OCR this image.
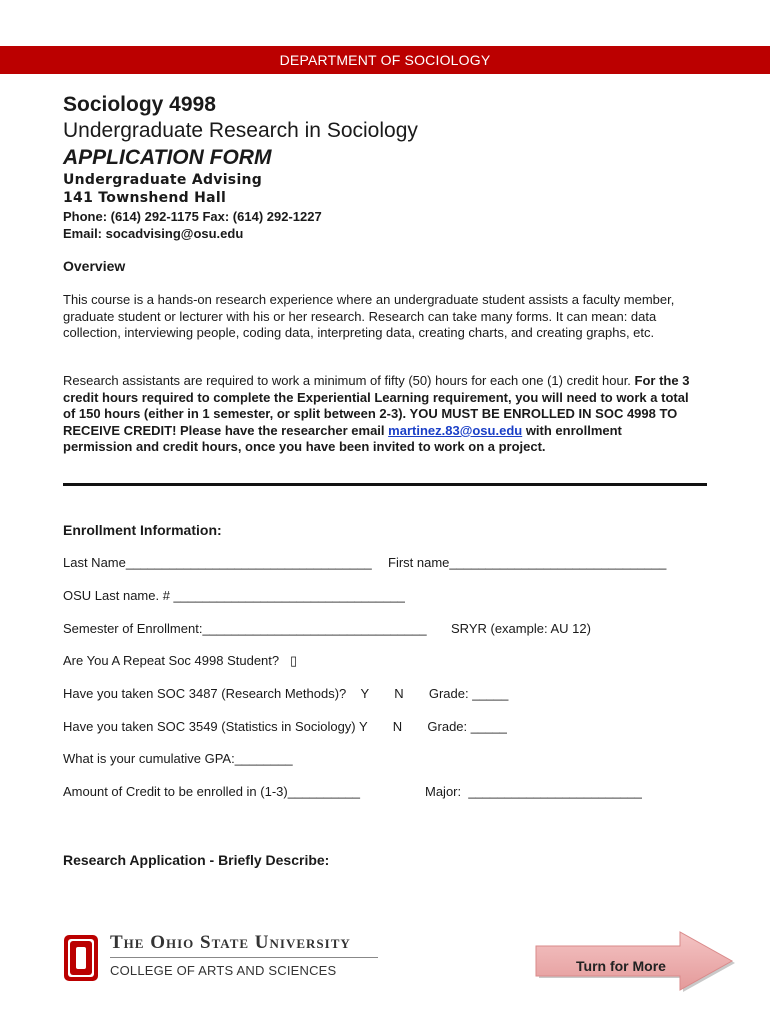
DEPARTMENT OF SOCIOLOGY
Sociology 4998
Undergraduate Research in Sociology
APPLICATION FORM
Undergraduate Advising
141 Townshend Hall
Phone: (614) 292-1175 Fax: (614) 292-1227
Email: socadvising@osu.edu
Overview
This course is a hands-on research experience where an undergraduate student assists a faculty member, graduate student or lecturer with his or her research. Research can take many forms. It can mean: data collection, interviewing people, coding data, interpreting data, creating charts, and creating graphs, etc.
Research assistants are required to work a minimum of fifty (50) hours for each one (1) credit hour. For the 3 credit hours required to complete the Experiential Learning requirement, you will need to work a total of 150 hours (either in 1 semester, or split between 2-3). YOU MUST BE ENROLLED IN SOC 4998 TO RECEIVE CREDIT! Please have the researcher email martinez.83@osu.edu with enrollment permission and credit hours, once you have been invited to work on a project.
Enrollment Information:
Last Name__________________________________ First name______________________________
OSU Last name. # ________________________________
Semester of Enrollment:_______________________________ SRYR (example: AU 12)
Are You A Repeat Soc 4998 Student?   ▯
Have you taken SOC 3487 (Research Methods)?    Y       N       Grade: _____
Have you taken SOC 3549 (Statistics in Sociology) Y       N       Grade: _____
What is your cumulative GPA:________
Amount of Credit to be enrolled in (1-3)__________	Major:  ________________________
Research Application - Briefly Describe:
The Ohio State University
COLLEGE OF ARTS AND SCIENCES	Turn for More
